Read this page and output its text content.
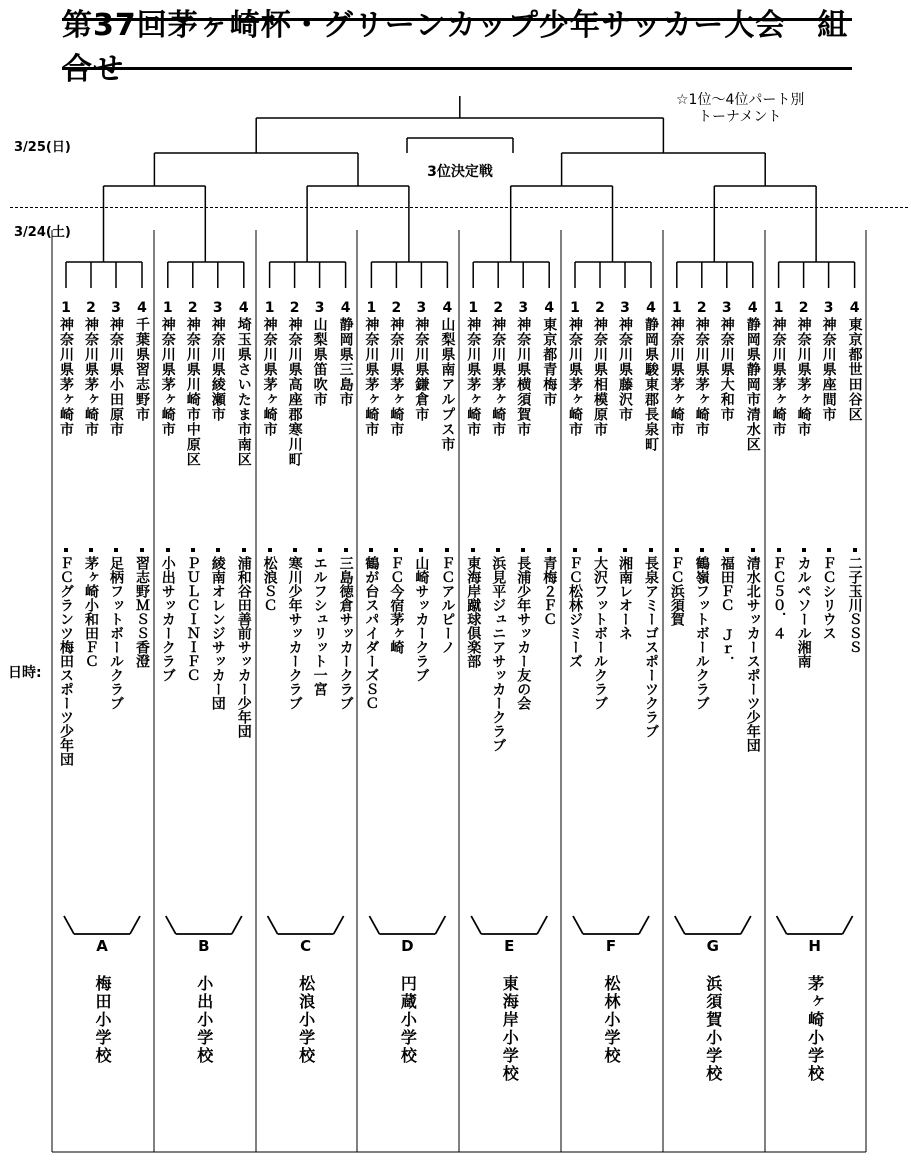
第37回茅ヶ崎杯・グリーンカップ少年サッカー大会　組合せ
☆1位～4位パート別
トーナメント
3/25(日)
3/24(土)
3位決定戦
日時:
1
神奈川県茅ヶ崎市
ＦＣグランツ梅田スポーツ少年団
2
神奈川県茅ヶ崎市
茅ヶ崎小和田ＦＣ
3
神奈川県小田原市
足柄フットボールクラブ
4
千葉県習志野市
習志野ＭＳＳ香澄
A
梅田小学校
1
神奈川県茅ヶ崎市
小出サッカークラブ
2
神奈川県川崎市中原区
ＰＵＬＣＩＮＩＦＣ
3
神奈川県綾瀬市
綾南オレンジサッカー団
4
埼玉県さいたま市南区
浦和谷田善前サッカー少年団
B
小出小学校
1
神奈川県茅ヶ崎市
松浪ＳＣ
2
神奈川県高座郡寒川町
寒川少年サッカークラブ
3
山梨県笛吹市
エルフシュリット一宮
4
静岡県三島市
三島徳倉サッカークラブ
C
松浪小学校
1
神奈川県茅ヶ崎市
鶴が台スパイダーズＳＣ
2
神奈川県茅ヶ崎市
ＦＣ今宿茅ヶ崎
3
神奈川県鎌倉市
山崎サッカークラブ
4
山梨県南アルプス市
ＦＣアルピーノ
D
円蔵小学校
1
神奈川県茅ヶ崎市
東海岸蹴球倶楽部
2
神奈川県茅ヶ崎市
浜見平ジュニアサッカークラブ
3
神奈川県横須賀市
長浦少年サッカー友の会
4
東京都青梅市
青梅２ＦＣ
E
東海岸小学校
1
神奈川県茅ヶ崎市
ＦＣ松林ジミーズ
2
神奈川県相模原市
大沢フットボールクラブ
3
神奈川県藤沢市
湘南レオーネ
4
静岡県駿東郡長泉町
長泉アミーゴスポーツクラブ
F
松林小学校
1
神奈川県茅ヶ崎市
ＦＣ浜須賀
2
神奈川県茅ヶ崎市
鶴嶺フットボールクラブ
3
神奈川県大和市
福田ＦＣ Ｊｒ．
4
静岡県静岡市清水区
清水北サッカースポーツ少年団
G
浜須賀小学校
1
神奈川県茅ヶ崎市
ＦＣ５０．４
2
神奈川県茅ヶ崎市
カルペソール湘南
3
神奈川県座間市
ＦＣシリウス
4
東京都世田谷区
二子玉川ＳＳＳ
H
茅ヶ崎小学校
